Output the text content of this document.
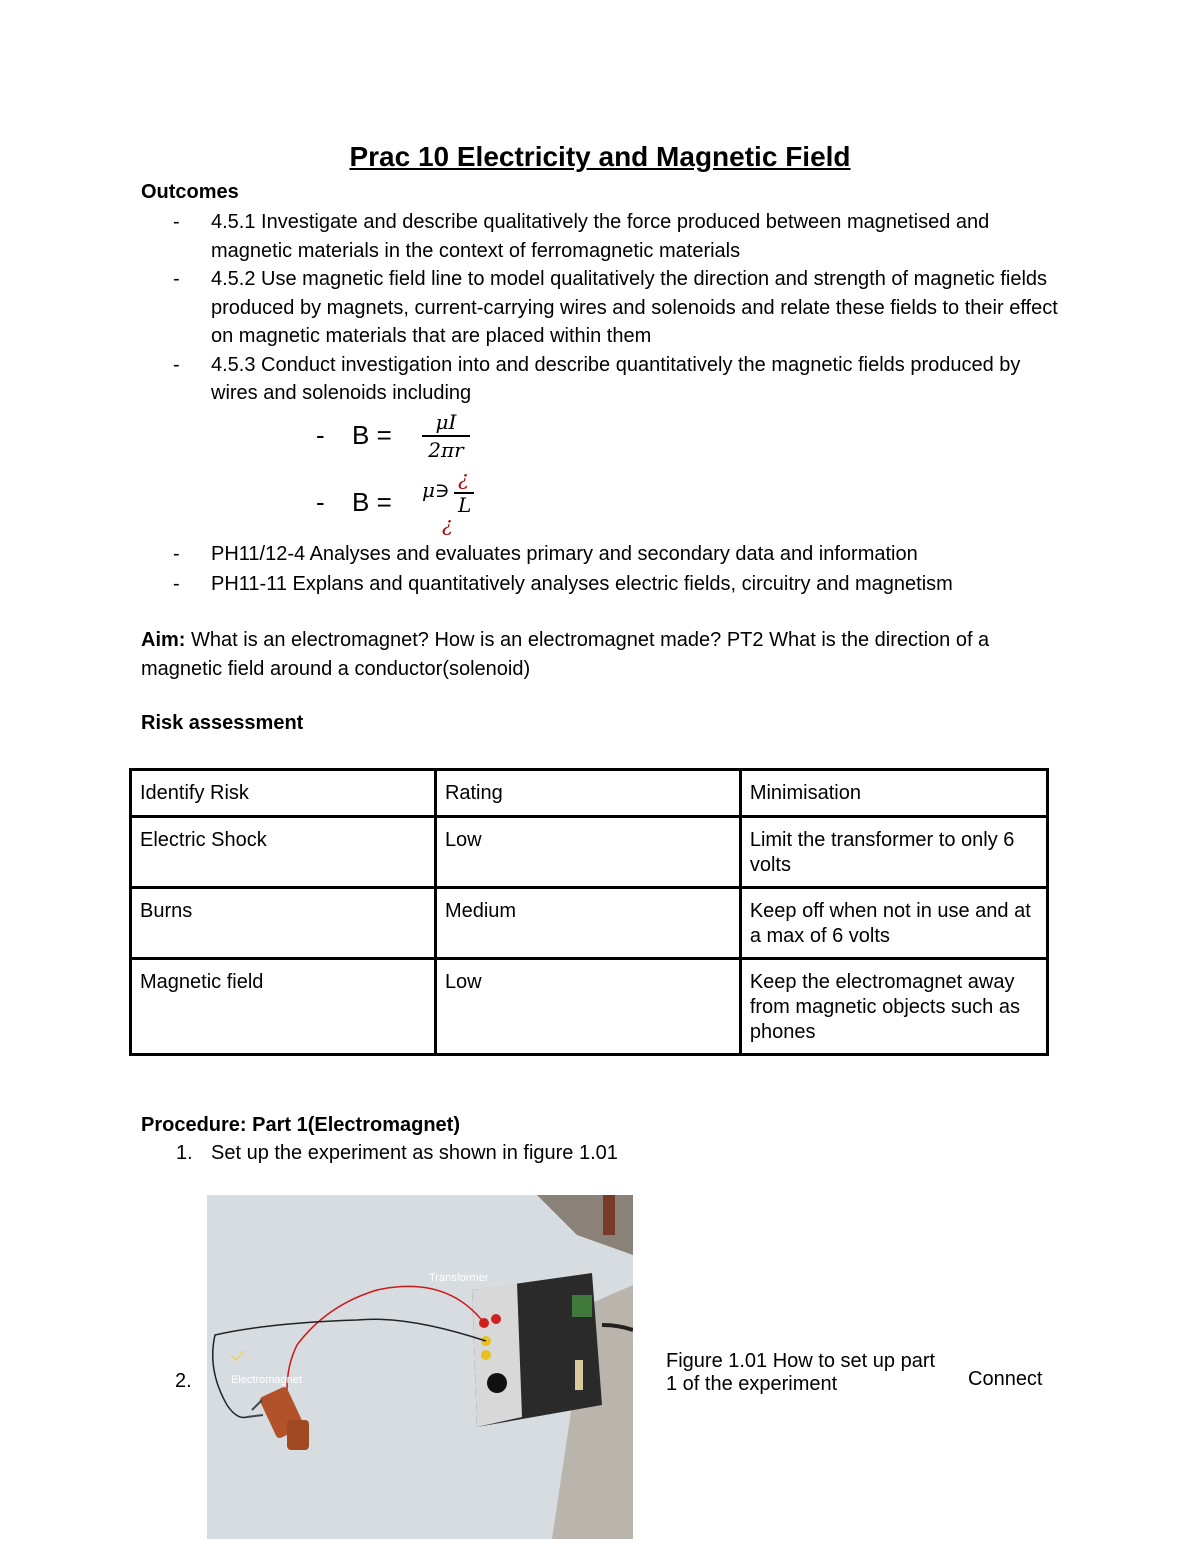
Prac 10 Electricity and Magnetic Field
Outcomes
- 4.5.1 Investigate and describe qualitatively the force produced between magnetised and magnetic materials in the context of ferromagnetic materials
- 4.5.2 Use magnetic field line to model qualitatively the direction and strength of magnetic fields produced by magnets, current-carrying wires and solenoids and relate these fields to their effect on magnetic materials that are placed within them
- 4.5.3 Conduct investigation into and describe quantitatively the magnetic fields produced by wires and solenoids including
- B =	μI
2πr
- B = μ∋ ¿
L
¿
- PH11/12-4 Analyses and evaluates primary and secondary data and information
- PH11-11 Explans and quantitatively analyses electric fields, circuitry and magnetism
Aim: What is an electromagnet? How is an electromagnet made? PT2 What is the direction of a magnetic field around a conductor(solenoid)
Risk assessment
Identify Risk	Rating	Minimisation
Electric Shock	Low	Limit the transformer to only 6 volts
Burns	Medium	Keep off when not in use and at a max of 6 volts
Magnetic field	Low	Keep the electromagnet away from magnetic objects such as phones
Procedure: Part 1(Electromagnet)
1. Set up the experiment as shown in figure 1.01
2.
Transformer
Electromagnet
Figure 1.01 How to set up part 1 of the experiment	Connect
